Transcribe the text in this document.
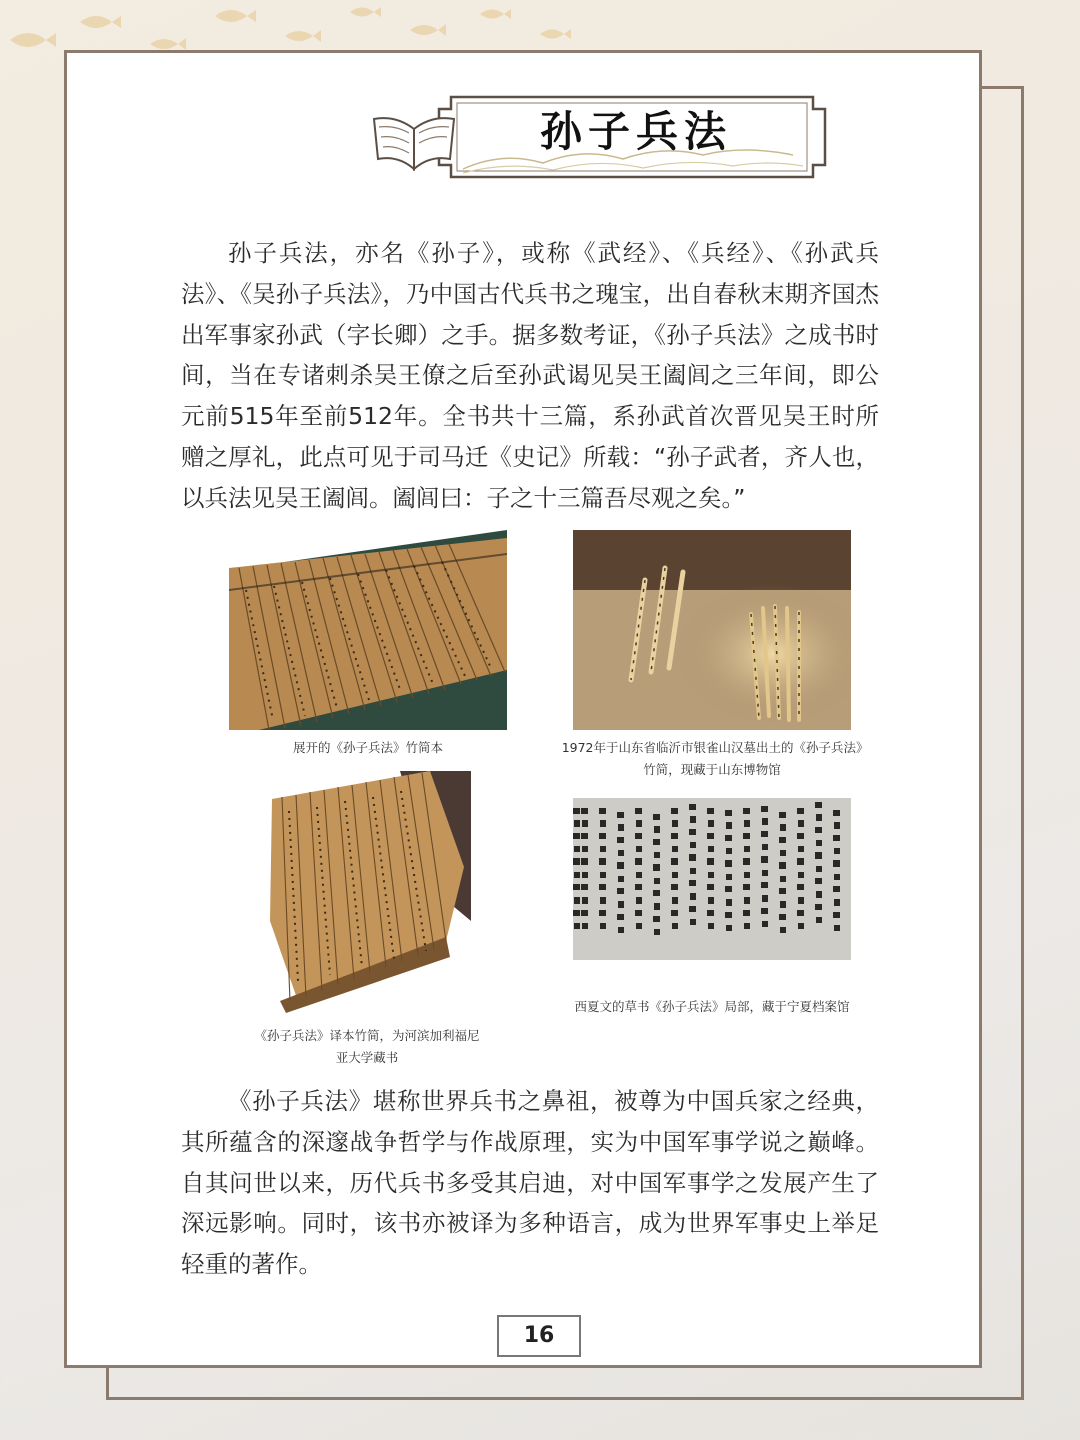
孙子兵法

孙子兵法，亦名《孙子》，或称《武经》、《兵经》、《孙武兵法》、《吴孙子兵法》，乃中国古代兵书之瑰宝，出自春秋末期齐国杰出军事家孙武（字长卿）之手。据多数考证，《孙子兵法》之成书时间，当在专诸刺杀吴王僚之后至孙武谒见吴王阖闾之三年间，即公元前515年至前512年。全书共十三篇，系孙武首次晋见吴王时所赠之厚礼，此点可见于司马迁《史记》所载：“孙子武者，齐人也，以兵法见吴王阖闾。阖闾曰：子之十三篇吾尽观之矣。”

展开的《孙子兵法》竹简本	1972年于山东省临沂市银雀山汉墓出土的《孙子兵法》竹简，现藏于山东博物馆
《孙子兵法》译本竹简，为河滨加利福尼亚大学藏书
西夏文的草书《孙子兵法》局部，藏于宁夏档案馆

《孙子兵法》堪称世界兵书之鼻祖，被尊为中国兵家之经典，其所蕴含的深邃战争哲学与作战原理，实为中国军事学说之巅峰。自其问世以来，历代兵书多受其启迪，对中国军事学之发展产生了深远影响。同时，该书亦被译为多种语言，成为世界军事史上举足轻重的著作。

16
